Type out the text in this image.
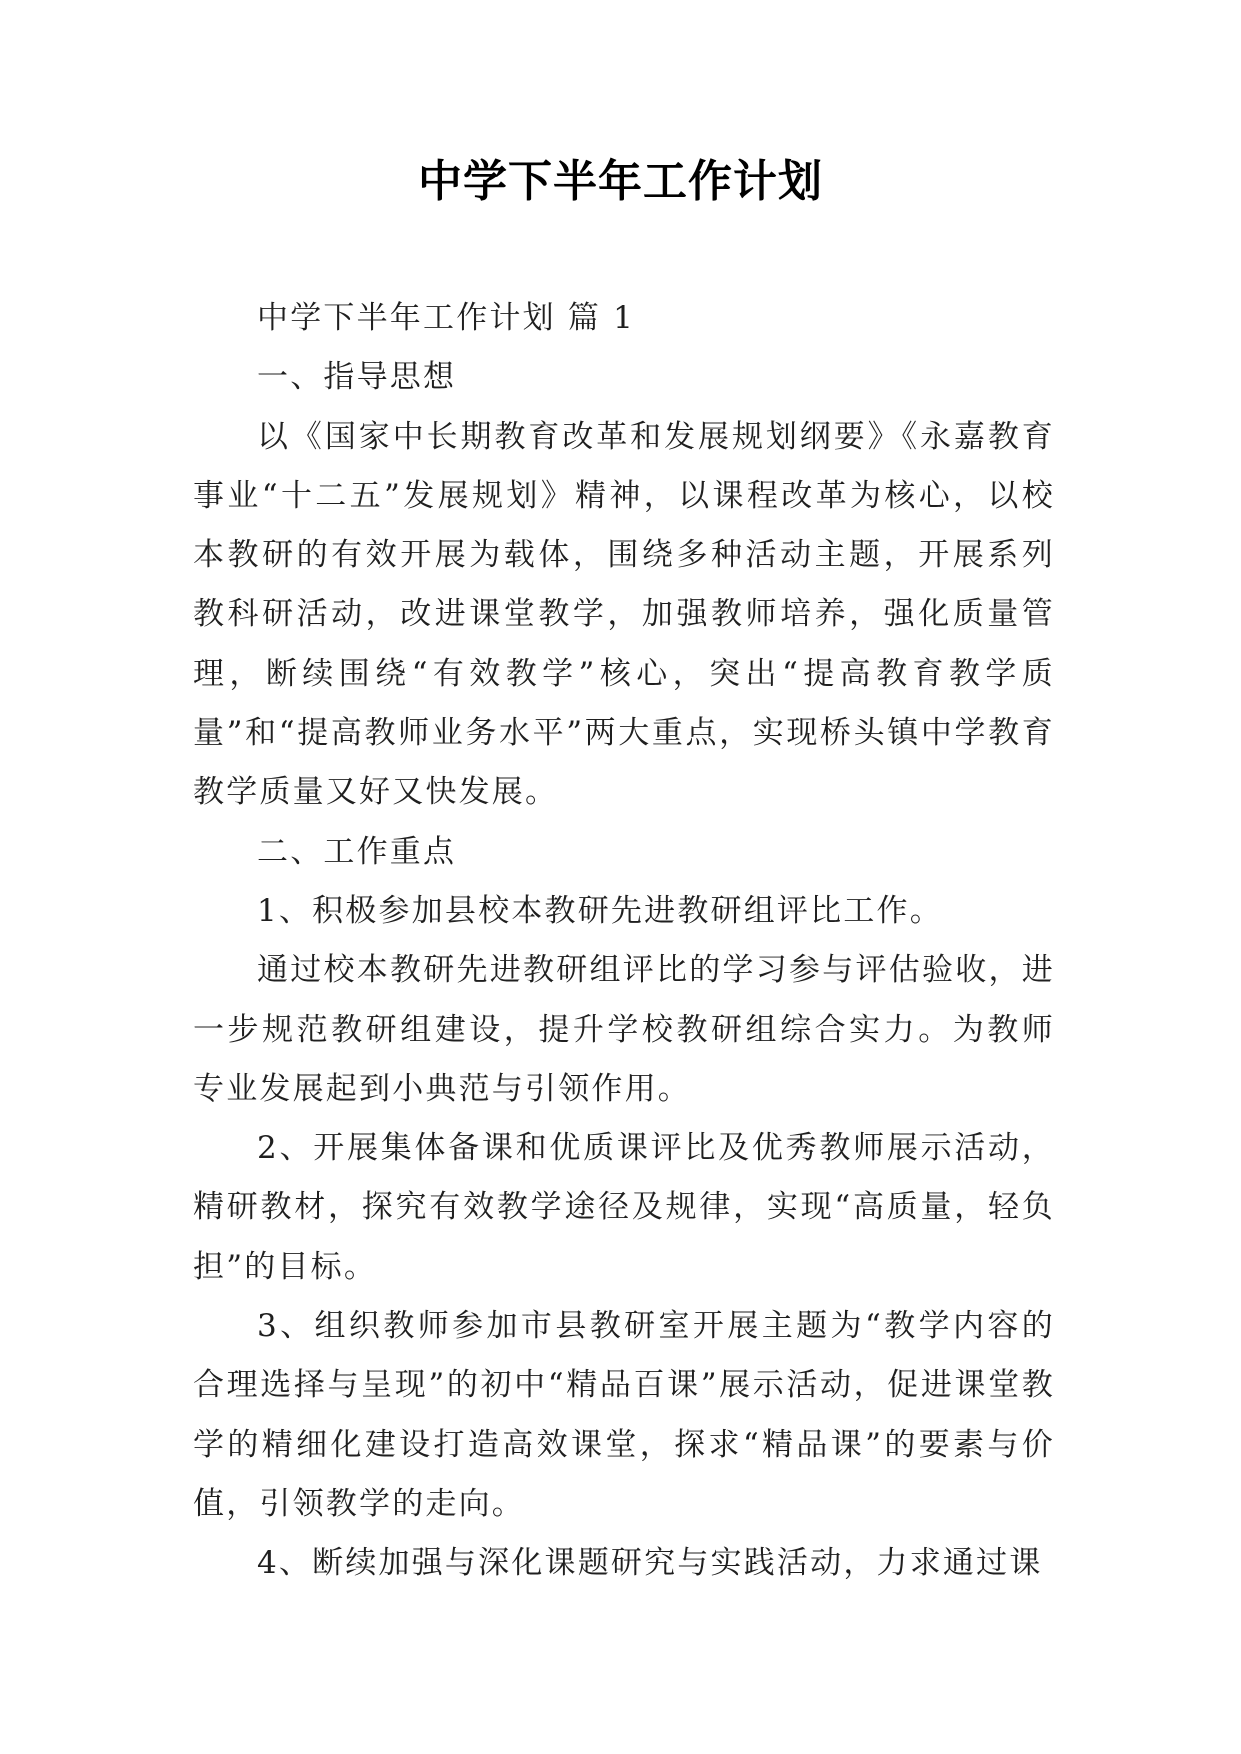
中学下半年工作计划

中学下半年工作计划 篇 1

一、指导思想

以《国家中长期教育改革和发展规划纲要》《永嘉教育事业“十二五”发展规划》精神，以课程改革为核心，以校本教研的有效开展为载体，围绕多种活动主题，开展系列教科研活动，改进课堂教学，加强教师培养，强化质量管理，断续围绕“有效教学”核心，突出“提高教育教学质量”和“提高教师业务水平”两大重点，实现桥头镇中学教育教学质量又好又快发展。

二、工作重点

1、积极参加县校本教研先进教研组评比工作。

通过校本教研先进教研组评比的学习参与评估验收，进一步规范教研组建设，提升学校教研组综合实力。为教师专业发展起到小典范与引领作用。

2、开展集体备课和优质课评比及优秀教师展示活动，精研教材，探究有效教学途径及规律，实现“高质量，轻负担”的目标。

3、组织教师参加市县教研室开展主题为“教学内容的合理选择与呈现”的初中“精品百课”展示活动，促进课堂教学的精细化建设打造高效课堂，探求“精品课”的要素与价值，引领教学的走向。

4、断续加强与深化课题研究与实践活动，力求通过课
